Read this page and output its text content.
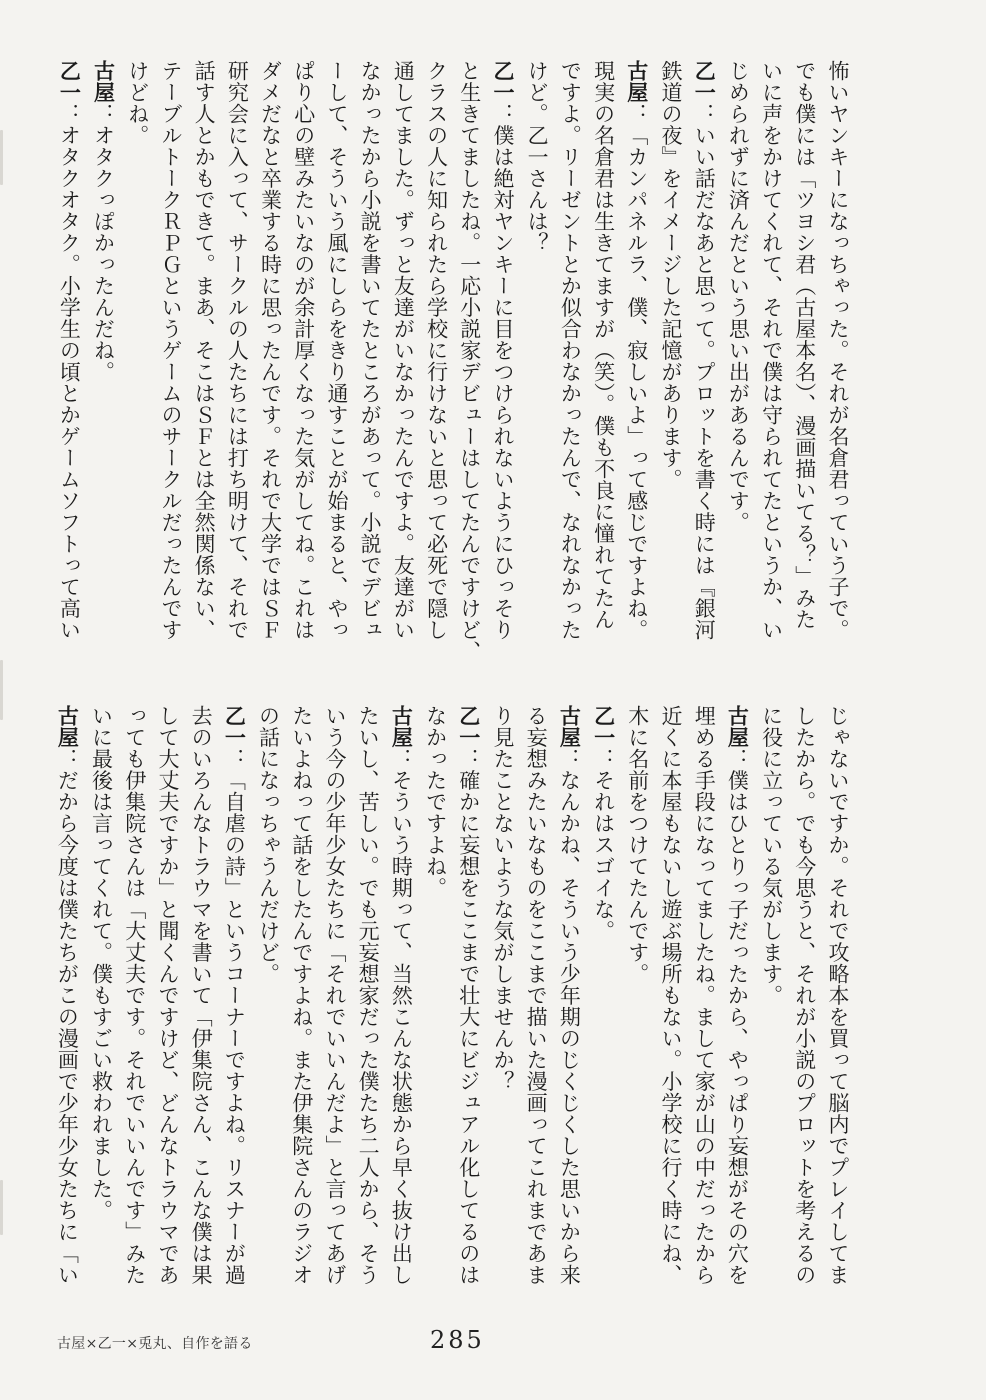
怖いヤンキーになっちゃった。それが名倉君っていう子で。
でも僕には「ツヨシ君（古屋本名）、漫画描いてる？」みた
いに声をかけてくれて、それで僕は守られてたというか、い
じめられずに済んだという思い出があるんです。
乙一：いい話だなあと思って。プロットを書く時には『銀河
鉄道の夜』をイメージした記憶があります。
古屋：「カンパネルラ、僕、寂しいよ」って感じですよね。
現実の名倉君は生きてますが（笑）。僕も不良に憧れてたん
ですよ。リーゼントとか似合わなかったんで、なれなかった
けど。乙一さんは？
乙一：僕は絶対ヤンキーに目をつけられないようにひっそり
と生きてましたね。一応小説家デビューはしてたんですけど、
クラスの人に知られたら学校に行けないと思って必死で隠し
通してました。ずっと友達がいなかったんですよ。友達がい
なかったから小説を書いてたところがあって。小説でデビュ
ーして、そういう風にしらをきり通すことが始まると、やっ
ぱり心の壁みたいなのが余計厚くなった気がしてね。これは
ダメだなと卒業する時に思ったんです。それで大学ではＳＦ
研究会に入って、サークルの人たちには打ち明けて、それで
話す人とかもできて。まあ、そこはＳＦとは全然関係ない、
テーブルトークＲＰＧというゲームのサークルだったんです
けどね。
古屋：オタクっぽかったんだね。
乙一：オタクオタク。小学生の頃とかゲームソフトって高い
じゃないですか。それで攻略本を買って脳内でプレイしてま
したから。でも今思うと、それが小説のプロットを考えるの
に役に立っている気がします。
古屋：僕はひとりっ子だったから、やっぱり妄想がその穴を
埋める手段になってましたね。まして家が山の中だったから
近くに本屋もないし遊ぶ場所もない。小学校に行く時にね、
木に名前をつけてたんです。
乙一：それはスゴイな。
古屋：なんかね、そういう少年期のじくじくした思いから来
る妄想みたいなものをここまで描いた漫画ってこれまであま
り見たことないような気がしませんか？
乙一：確かに妄想をここまで壮大にビジュアル化してるのは
なかったですよね。
古屋：そういう時期って、当然こんな状態から早く抜け出し
たいし、苦しい。でも元妄想家だった僕たち二人から、そう
いう今の少年少女たちに「それでいいんだよ」と言ってあげ
たいよねって話をしたんですよね。また伊集院さんのラジオ
の話になっちゃうんだけど。
乙一：「自虐の詩」というコーナーですよね。リスナーが過
去のいろんなトラウマを書いて「伊集院さん、こんな僕は果
して大丈夫ですか」と聞くんですけど、どんなトラウマであ
っても伊集院さんは「大丈夫です。それでいいんです」みた
いに最後は言ってくれて。僕もすごい救われました。
古屋：だから今度は僕たちがこの漫画で少年少女たちに「い
古屋×乙一×兎丸、自作を語る	285
